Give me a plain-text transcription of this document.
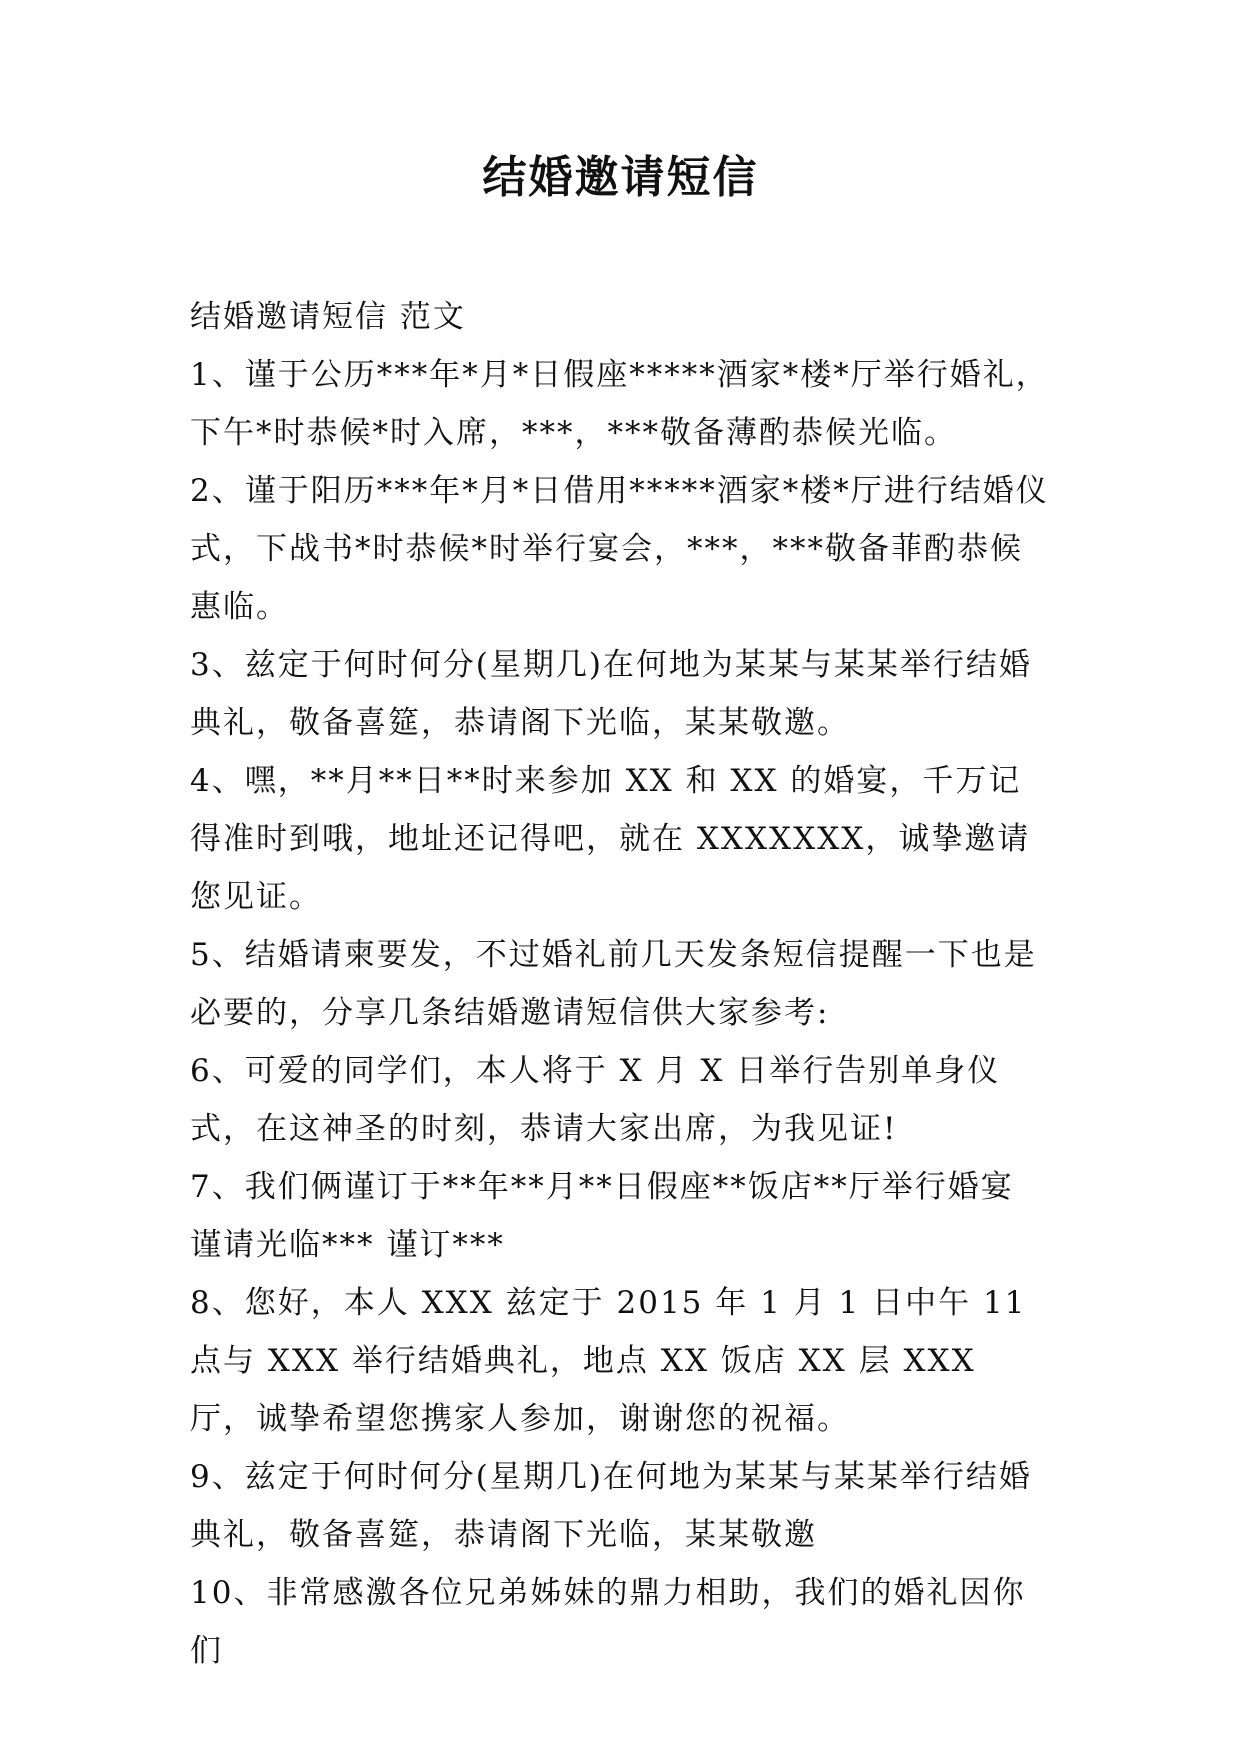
结婚邀请短信

结婚邀请短信 范文

1、谨于公历***年*月*日假座*****酒家*楼*厅举行婚礼，下午*时恭候*时入席，***，***敬备薄酌恭候光临。

2、谨于阳历***年*月*日借用*****酒家*楼*厅进行结婚仪式，下战书*时恭候*时举行宴会，***，***敬备菲酌恭候惠临。

3、兹定于何时何分(星期几)在何地为某某与某某举行结婚典礼，敬备喜筵，恭请阁下光临，某某敬邀。

4、嘿，**月**日**时来参加 XX 和 XX 的婚宴，千万记得准时到哦，地址还记得吧，就在 XXXXXXX，诚挚邀请您见证。

5、结婚请柬要发，不过婚礼前几天发条短信提醒一下也是必要的，分享几条结婚邀请短信供大家参考:

6、可爱的同学们，本人将于 X 月 X 日举行告别单身仪式，在这神圣的时刻，恭请大家出席，为我见证!

7、我们俩谨订于**年**月**日假座**饭店**厅举行婚宴 谨请光临*** 谨订***

8、您好，本人 XXX 兹定于 2015 年 1 月 1 日中午 11 点与 XXX 举行结婚典礼，地点 XX 饭店 XX 层 XXX 厅，诚挚希望您携家人参加，谢谢您的祝福。

9、兹定于何时何分(星期几)在何地为某某与某某举行结婚典礼，敬备喜筵，恭请阁下光临，某某敬邀

10、非常感激各位兄弟姊妹的鼎力相助，我们的婚礼因你们
